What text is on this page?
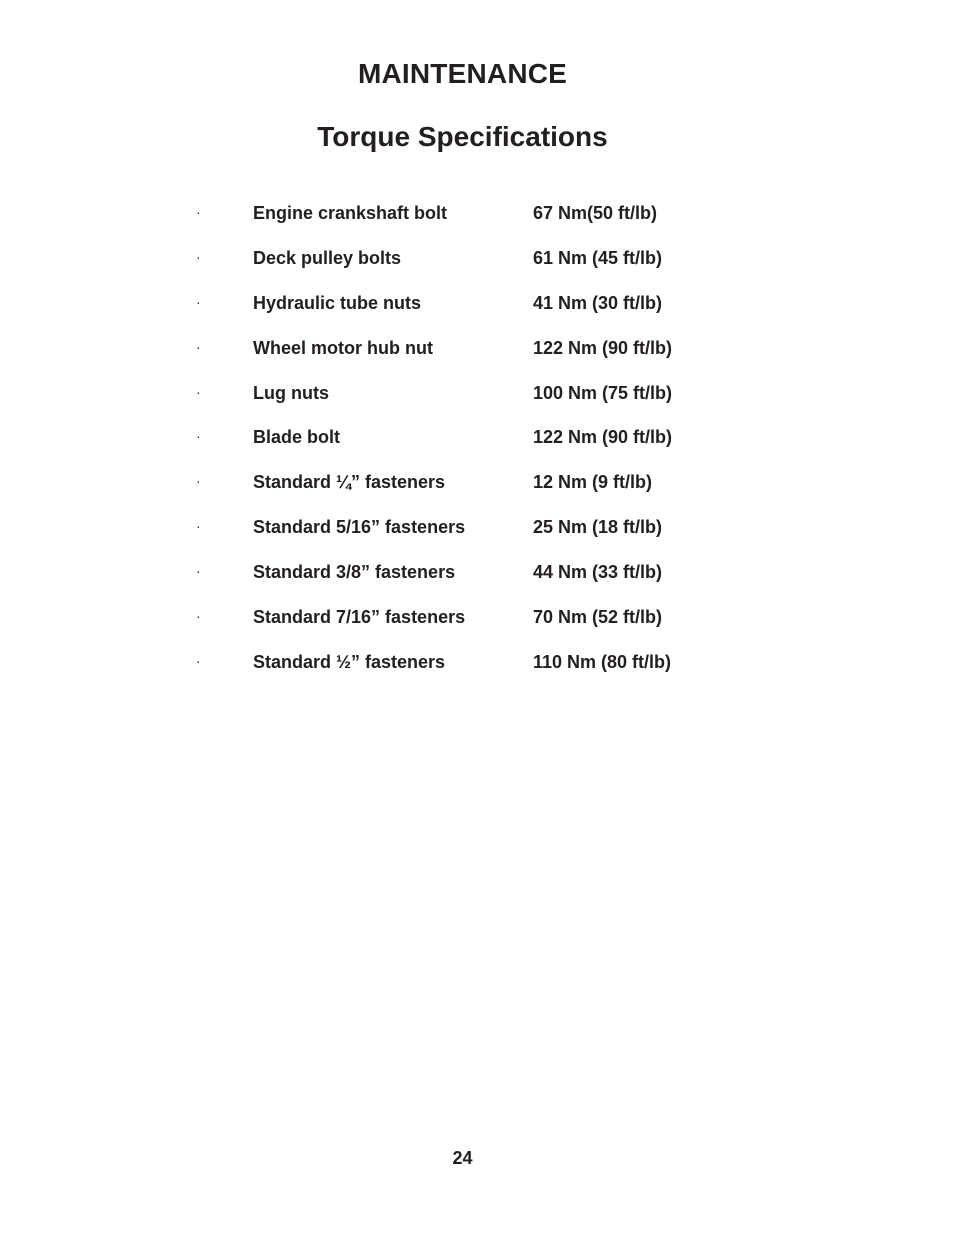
MAINTENANCE
Torque Specifications
·	Engine crankshaft bolt	67 Nm(50 ft/lb)
·	Deck pulley bolts	61 Nm (45 ft/lb)
·	Hydraulic tube nuts	41 Nm (30 ft/lb)
·	Wheel motor hub nut	122 Nm (90 ft/lb)
·	Lug nuts	100 Nm (75 ft/lb)
·	Blade bolt	122 Nm (90 ft/lb)
·	Standard ¼” fasteners	12 Nm (9 ft/lb)
·	Standard 5/16” fasteners	25 Nm (18 ft/lb)
·	Standard 3/8” fasteners	44 Nm (33 ft/lb)
·	Standard 7/16” fasteners	70 Nm (52 ft/lb)
·	Standard ½” fasteners	110 Nm (80 ft/lb)
24
